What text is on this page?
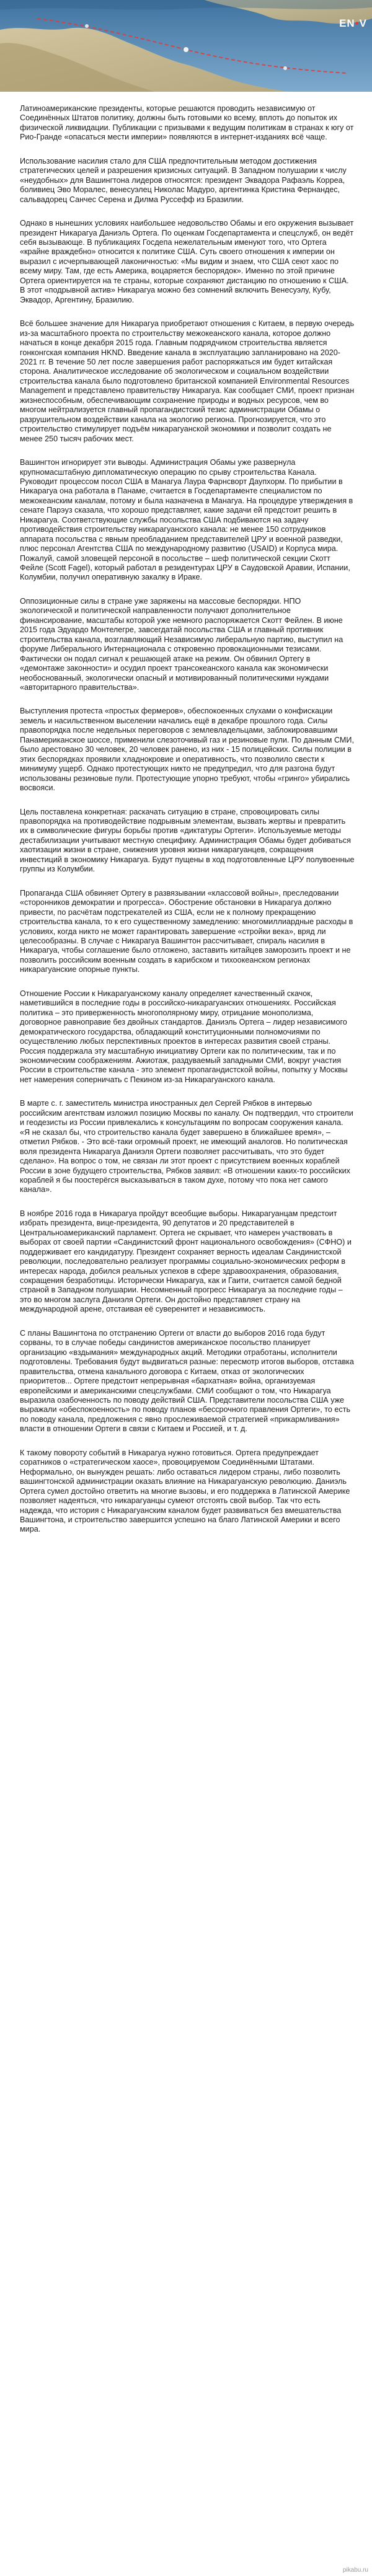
EN•V

Латиноамериканские президенты, которые решаются проводить независимую от Соединённых Штатов политику, должны быть готовыми ко всему, вплоть до попыток их физической ликвидации. Публикации с призывами к ведущим политикам в странах к югу от Рио-Гранде «опасаться мести империи» появляются в интернет-изданиях всё чаще.

Использование насилия стало для США предпочтительным методом достижения стратегических целей и разрешения кризисных ситуаций. В Западном полушарии к числу «неудобных» для Вашингтона лидеров относятся: президент Эквадора Рафаэль Корреа, боливиец Эво Моралес, венесуэлец Николас Мадуро, аргентинка Кристина Фернандес, сальвадорец Санчес Серена и Дилма Руссефф из Бразилии.

Однако в нынешних условиях наибольшее недовольство Обамы и его окружения вызывает президент Никарагуа Даниэль Ортега. По оценкам Госдепартамента и спецслужб, он ведёт себя вызывающе. В публикациях Госдепа нежелательным именуют того, что Ортега «крайне враждебно» относится к политике США. Суть своего отношения к империи он выразил с исчерпывающей лаконичностью: «Мы видим и знаем, что США сеют хаос по всему миру. Там, где есть Америка, воцаряется беспорядок». Именно по этой причине Ортега ориентируется на те страны, которые сохраняют дистанцию по отношению к США. В этот «подрывной актив» Никарагуа можно без сомнений включить Венесуэлу, Кубу, Эквадор, Аргентину, Бразилию.

Всё большее значение для Никарагуа приобретают отношения с Китаем, в первую очередь из-за масштабного проекта по строительству межокеанского канала, которое должно начаться в конце декабря 2015 года. Главным подрядчиком строительства является гонконгская компания HKND. Введение канала в эксплуатацию запланировано на 2020-2021 гг. В течение 50 лет после завершения работ распоряжаться им будет китайская сторона. Аналитическое исследование об экологическом и социальном воздействии строительства канала было подготовлено британской компанией Environmental Resources Management и представлено правительству Никарагуа. Как сообщает СМИ, проект признан жизнеспособным, обеспечивающим сохранение природы и водных ресурсов, чем во многом нейтрализуется главный пропагандистский тезис администрации Обамы о разрушительном воздействии канала на экологию региона. Прогнозируется, что это строительство стимулирует подъём никарагуанской экономики и позволит создать не менее 250 тысяч рабочих мест.

Вашингтон игнорирует эти выводы. Администрация Обамы уже развернула крупномасштабную дипломатическую операцию по срыву строительства Канала. Руководит процессом посол США в Манагуа Лаура Фарнсворт Даупхорм. По прибытии в Никарагуа она работала в Панаме, считается в Госдепартаменте специалистом по межокеанским каналам, потому и была назначена в Манагуа. На процедуре утверждения в сенате Парэуз сказала, что хорошо представляет, какие задачи ей предстоит решить в Никарагуа. Соответствующие службы посольства США подбиваются на задачу противодействия строительству никарагуанского канала: не менее 150 сотрудников аппарата посольства с явным преобладанием представителей ЦРУ и военной разведки, плюс персонал Агентства США по международному развитию (USAID) и Корпуса мира. Пожалуй, самой зловещей персоной в посольстве – шеф политической секции Скотт Фейле (Scott Fagel), который работал в резидентурах ЦРУ в Саудовской Аравии, Испании, Колумбии, получил оперативную закалку в Ираке.

Оппозиционные силы в стране уже заряжены на массовые беспорядки. НПО экологической и политической направленности получают дополнительное финансирование, масштабы которой уже немного распоряжается Скотт Фейлен. В июне 2015 года Эдуардо Монтелегре, завсегдатай посольства США и главный противник строительства канала, возглавляющий Независимую либеральную партию, выступил на форуме Либерального Интернационала с откровенно провокационными тезисами. Фактически он подал сигнал к решающей атаке на режим. Он обвинил Ортегу в «демонтаже законности» и осудил проект трансокеанского канала как экономически необоснованный, экологически опасный и мотивированный политическими нуждами «авторитарного правительства».

Выступления протеста «простых фермеров», обеспокоенных слухами о конфискации земель и насильственном выселении начались ещё в декабре прошлого года. Силы правопорядка после недельных переговоров с землевладельцами, заблокировавшими Панамериканское шоссе, применили слезоточивый газ и резиновые пули. По данным СМИ, было арестовано 30 человек, 20 человек ранено, из них - 15 полицейских. Силы полиции в этих беспорядках проявили хладнокровие и оперативность, что позволило свести к минимуму ущерб. Однако протестующих никто не предупредил, что для разгона будут использованы резиновые пули. Протестующие упорно требуют, чтобы «гринго» убирались восвояси.

Цель поставлена конкретная: раскачать ситуацию в стране, спровоцировать силы правопорядка на противодействие подрывным элементам, вызвать жертвы и превратить их в символические фигуры борьбы против «диктатуры Ортеги». Используемые методы дестабилизации учитывают местную специфику. Администрация Обамы будет добиваться хаотизации жизни в стране, снижения уровня жизни никарагуанцев, сокращения инвестиций в экономику Никарагуа. Будут пущены в ход подготовленные ЦРУ полувоенные группы из Колумбии.

Пропаганда США обвиняет Ортегу в развязывании «классовой войны», преследовании «сторонников демократии и прогресса». Обострение обстановки в Никарагуа должно привести, по расчётам подстрекателей из США, если не к полному прекращению строительства канала, то к его существенному замедлению: многомиллиардные расходы в условиях, когда никто не может гарантировать завершение «стройки века», вряд ли целесообразны. В случае с Никарагуа Вашингтон рассчитывает, спираль насилия в Никарагуа, чтобы соглашение было отложено, заставить китайцев заморозить проект и не позволить российским военным создать в карибском и тихоокеанском регионах никарагуанские опорные пункты.

Отношение России к Никарагуанскому каналу определяет качественный скачок, наметившийся в последние годы в российско-никарагуанских отношениях. Российская политика – это приверженность многополярному миру, отрицание монополизма, договорное равноправие без двойных стандартов. Даниэль Ортега – лидер независимого демократического государства, обладающий конституционными полномочиями по осуществлению любых перспективных проектов в интересах развития своей страны. Россия поддержала эту масштабную инициативу Ортеги как по политическим, так и по экономическим соображениям. Ажиотаж, раздуваемый западными СМИ, вокруг участия России в строительстве канала - это элемент пропагандистской войны, попытку у Москвы нет намерения соперничать с Пекином из-за Никарагуанского канала.

В марте с. г. заместитель министра иностранных дел Сергей Рябков в интервью российским агентствам изложил позицию Москвы по каналу. Он подтвердил, что строители и геодезисты из России привлекались к консультациям по вопросам сооружения канала. «Я не сказал бы, что строительство канала будет завершено в ближайшее время», – отметил Рябков. - Это всё-таки огромный проект, не имеющий аналогов. Но политическая воля президента Никарагуа Даниэля Ортеги позволяет рассчитывать, что это будет сделано». На вопрос о том, не связан ли этот проект с присутствием военных кораблей России в зоне будущего строительства, Рябков заявил: «В отношении каких-то российских кораблей я бы поостерёгся высказываться в таком духе, потому что пока нет самого канала».

В ноябре 2016 года в Никарагуа пройдут всеобщие выборы. Никарагуанцам предстоит избрать президента, вице-президента, 90 депутатов и 20 представителей в Центральноамериканский парламент. Ортега не скрывает, что намерен участвовать в выборах от своей партии «Сандинистский фронт национального освобождения» (СФНО) и поддерживает его кандидатуру. Президент сохраняет верность идеалам Сандинистской революции, последовательно реализует программы социально-экономических реформ в интересах народа, добился реальных успехов в сфере здравоохранения, образования, сокращения безработицы. Исторически Никарагуа, как и Гаити, считается самой бедной страной в Западном полушарии. Несомненный прогресс Никарагуа за последние годы – это во многом заслуга Даниэля Ортеги. Он достойно представляет страну на международной арене, отстаивая её суверенитет и независимость.

С планы Вашингтона по отстранению Ортеги от власти до выборов 2016 года будут сорваны, то в случае победы сандинистов американское посольство планирует организацию «вздымания» международных акций. Методики отработаны, исполнители подготовлены. Требования будут выдвигаться разные: пересмотр итогов выборов, отставка правительства, отмена канального договора с Китаем, отказ от экологических приоритетов... Ортеге предстоит непрерывная «бархатная» война, организуемая европейскими и американскими спецслужбами. СМИ сообщают о том, что Никарагуа выразила озабоченность по поводу действий США. Представители посольства США уже выражали «обеспокоенность» по поводу планов «бессрочного правления Ортеги», то есть по поводу канала, предложения с явно прослеживаемой стратегией «прикармливания» власти в отношении Ортеги в связи с Китаем и Россией, и т. д.

К такому повороту событий в Никарагуа нужно готовиться. Ортега предупреждает соратников о «стратегическом хаосе», провоцируемом Соединёнными Штатами. Неформально, он вынужден решать: либо оставаться лидером страны, либо позволить вашингтонской администрации оказать влияние на Никарагуанскую революцию. Даниэль Ортега сумел достойно ответить на многие вызовы, и его поддержка в Латинской Америке позволяет надеяться, что никарагуанцы сумеют отстоять свой выбор. Так что есть надежда, что история с Никарагуанским каналом будет развиваться без вмешательства Вашингтона, и строительство завершится успешно на благо Латинской Америки и всего мира.

pikabu.ru
